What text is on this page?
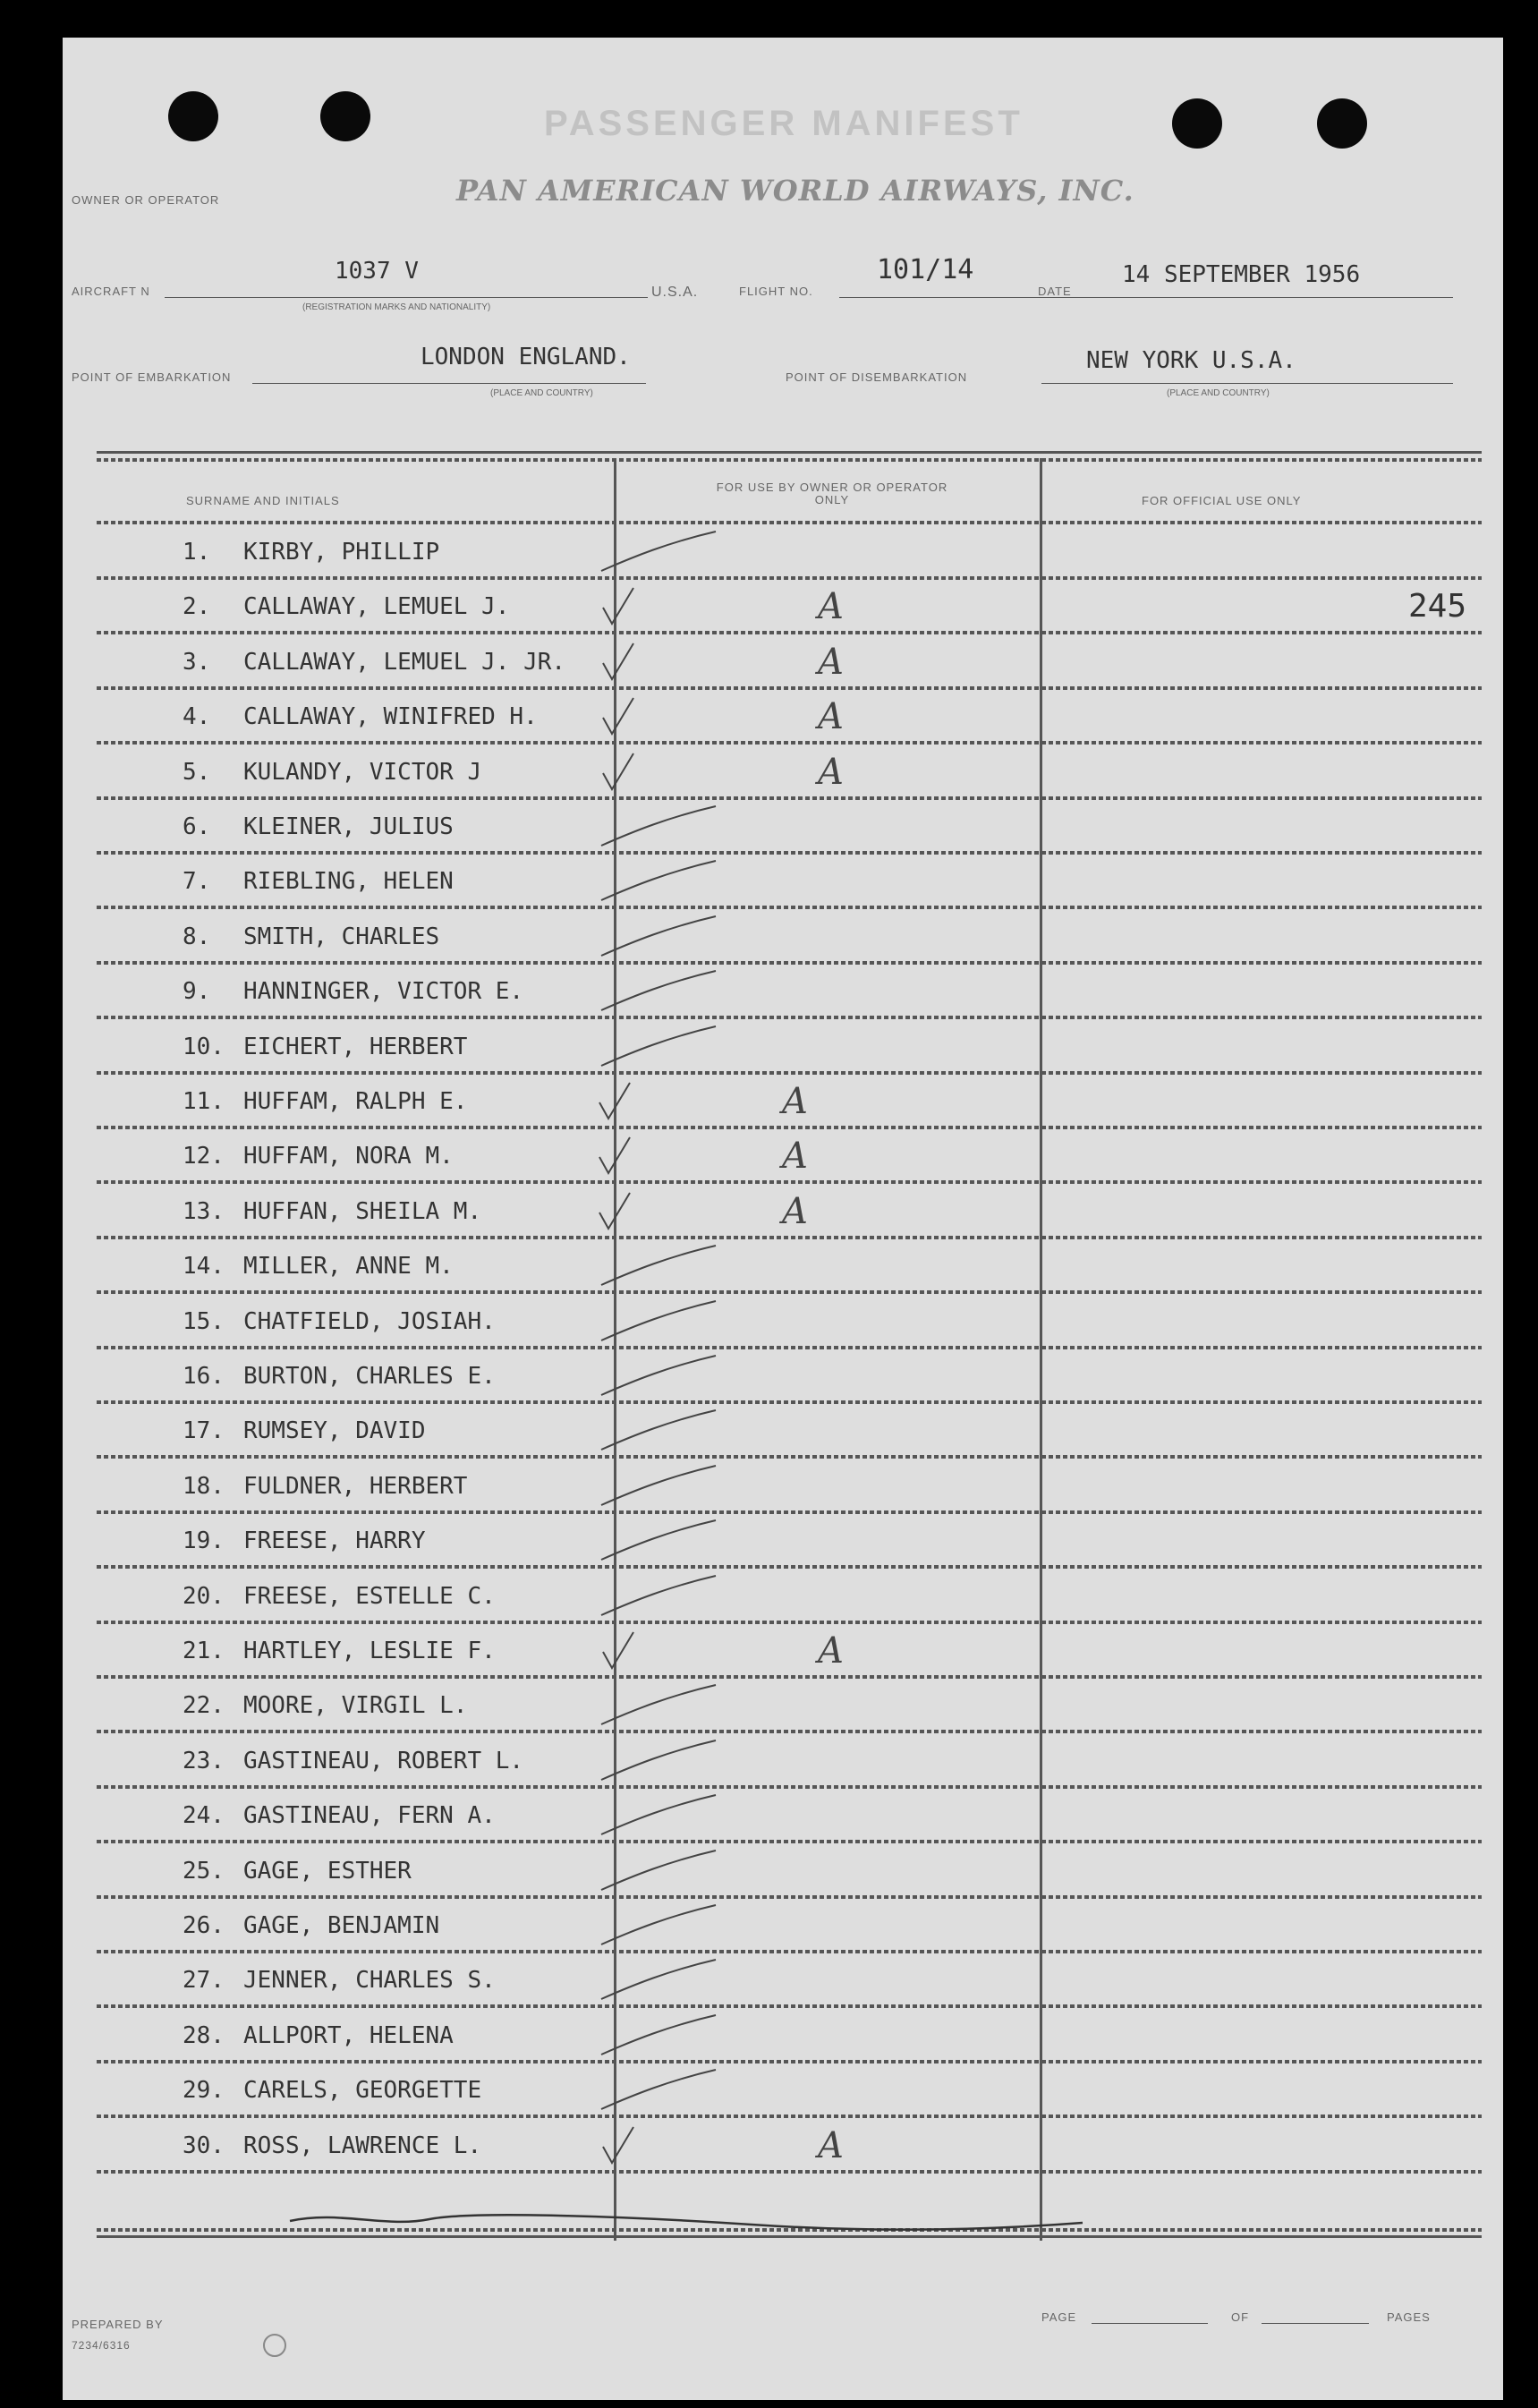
PASSENGER MANIFEST
OWNER OR OPERATOR	PAN AMERICAN WORLD AIRWAYS, INC.
AIRCRAFT N
1037 V
(REGISTRATION MARKS AND NATIONALITY)
U.S.A.	FLIGHT NO.
101/14
DATE
14 SEPTEMBER 1956
POINT OF EMBARKATION
LONDON ENGLAND.
(PLACE AND COUNTRY)
POINT OF DISEMBARKATION
NEW YORK U.S.A.
(PLACE AND COUNTRY)
SURNAME AND INITIALS
FOR USE BY OWNER OR OPERATOR ONLY	FOR OFFICIAL USE ONLY
1.	KIRBY, PHILLIP
2.	CALLAWAY, LEMUEL J.	A	245
3.	CALLAWAY, LEMUEL J. JR.	A
4.	CALLAWAY, WINIFRED H.	A
5.	KULANDY, VICTOR J	A
6.	KLEINER, JULIUS
7.	RIEBLING, HELEN
8.	SMITH, CHARLES
9.	HANNINGER, VICTOR E.
10. EICHERT, HERBERT
11. HUFFAM, RALPH E.	A
12. HUFFAM, NORA M.	A
13. HUFFAN, SHEILA M.	A
14. MILLER, ANNE M.
15. CHATFIELD, JOSIAH.
16. BURTON, CHARLES E.
17. RUMSEY, DAVID
18. FULDNER, HERBERT
19. FREESE, HARRY
20. FREESE, ESTELLE C.
21. HARTLEY, LESLIE F.	A
22. MOORE, VIRGIL L.
23. GASTINEAU, ROBERT L.
24. GASTINEAU, FERN A.
25. GAGE, ESTHER
26. GAGE, BENJAMIN
27. JENNER, CHARLES S.
28. ALLPORT, HELENA
29. CARELS, GEORGETTE
30. ROSS, LAWRENCE L.	A
PREPARED BY
7234/6316
PAGE	OF	PAGES
